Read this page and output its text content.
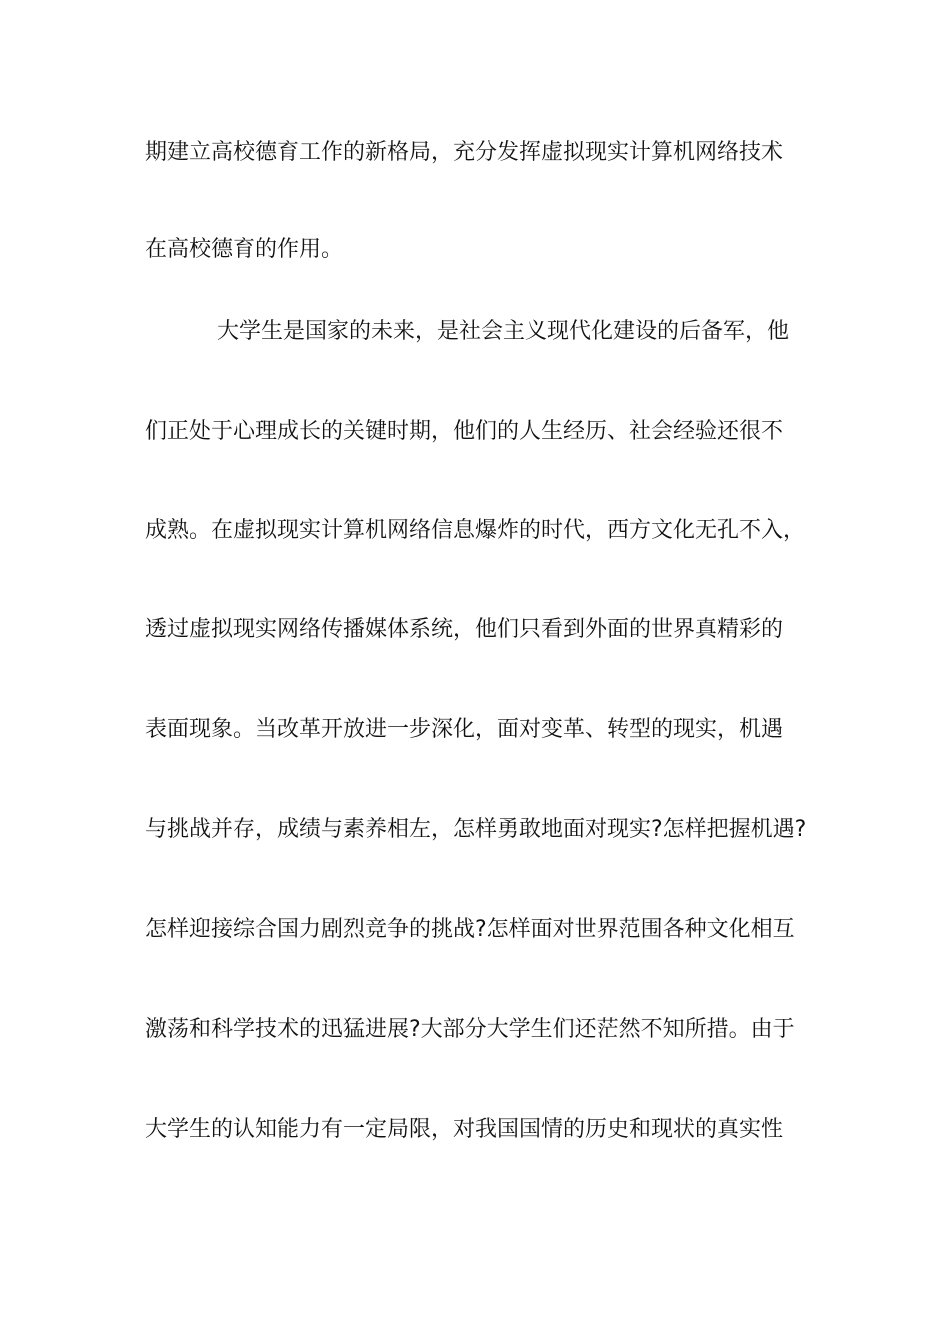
期建立高校德育工作的新格局，充分发挥虚拟现实计算机网络技术
在高校德育的作用。
大学生是国家的未来，是社会主义现代化建设的后备军，他
们正处于心理成长的关键时期，他们的人生经历、社会经验还很不
成熟。在虚拟现实计算机网络信息爆炸的时代，西方文化无孔不入，
透过虚拟现实网络传播媒体系统，他们只看到外面的世界真精彩的
表面现象。当改革开放进一步深化，面对变革、转型的现实，机遇
与挑战并存，成绩与素养相左，怎样勇敢地面对现实?怎样把握机遇?
怎样迎接综合国力剧烈竞争的挑战?怎样面对世界范围各种文化相互
激荡和科学技术的迅猛进展?大部分大学生们还茫然不知所措。由于
大学生的认知能力有一定局限，对我国国情的历史和现状的真实性
